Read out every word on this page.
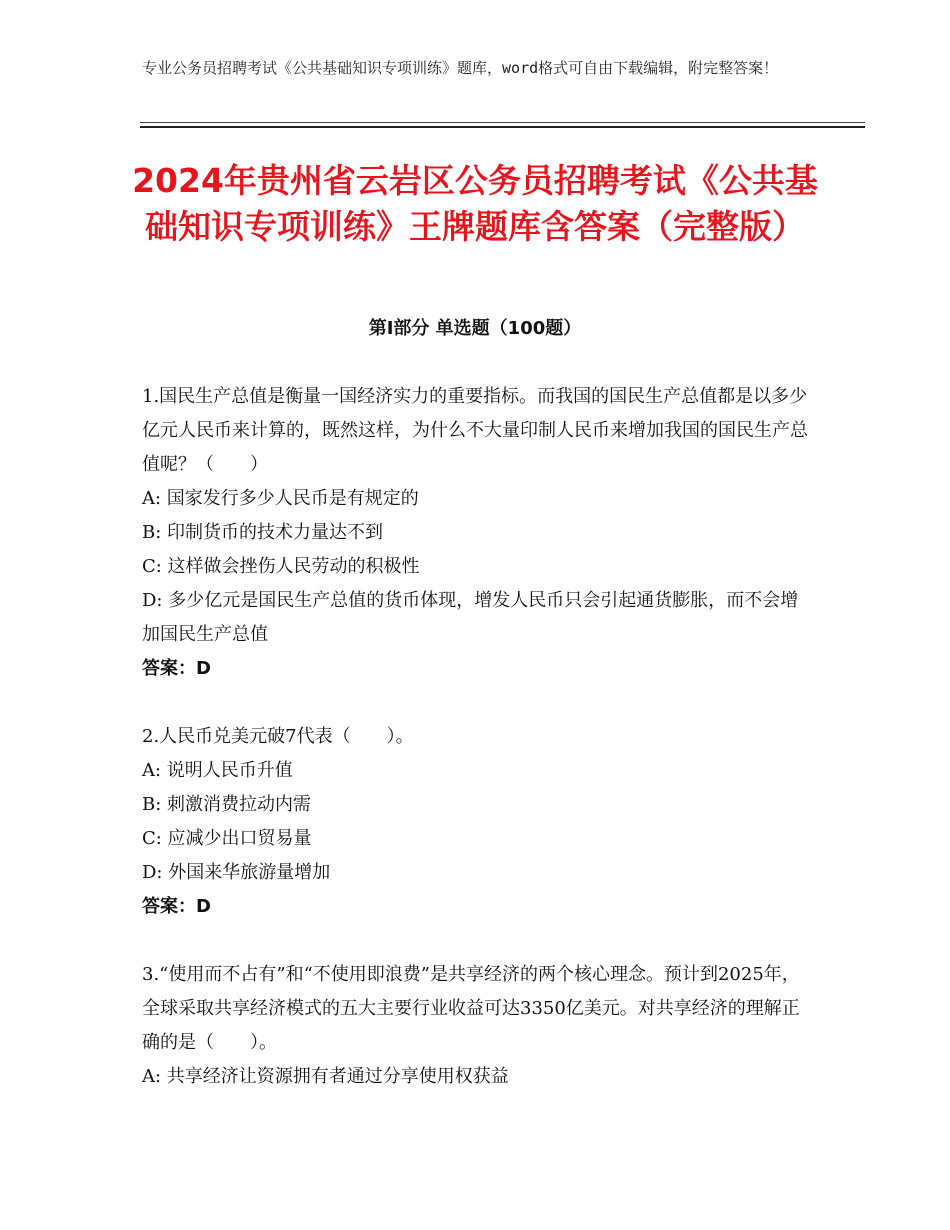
专业公务员招聘考试《公共基础知识专项训练》题库，word格式可自由下载编辑，附完整答案！
2024年贵州省云岩区公务员招聘考试《公共基础知识专项训练》王牌题库含答案（完整版）
第Ⅰ部分 单选题（100题）

1.国民生产总值是衡量一国经济实力的重要指标。而我国的国民生产总值都是以多少亿元人民币来计算的，既然这样，为什么不大量印制人民币来增加我国的国民生产总值呢？（　　）

A: 国家发行多少人民币是有规定的

B: 印制货币的技术力量达不到

C: 这样做会挫伤人民劳动的积极性

D: 多少亿元是国民生产总值的货币体现，增发人民币只会引起通货膨胀，而不会增加国民生产总值

答案：D

2.人民币兑美元破7代表（　　）。

A: 说明人民币升值

B: 刺激消费拉动内需

C: 应减少出口贸易量

D: 外国来华旅游量增加

答案：D

3.“使用而不占有”和“不使用即浪费”是共享经济的两个核心理念。预计到2025年，全球采取共享经济模式的五大主要行业收益可达3350亿美元。对共享经济的理解正确的是（　　）。

A: 共享经济让资源拥有者通过分享使用权获益
